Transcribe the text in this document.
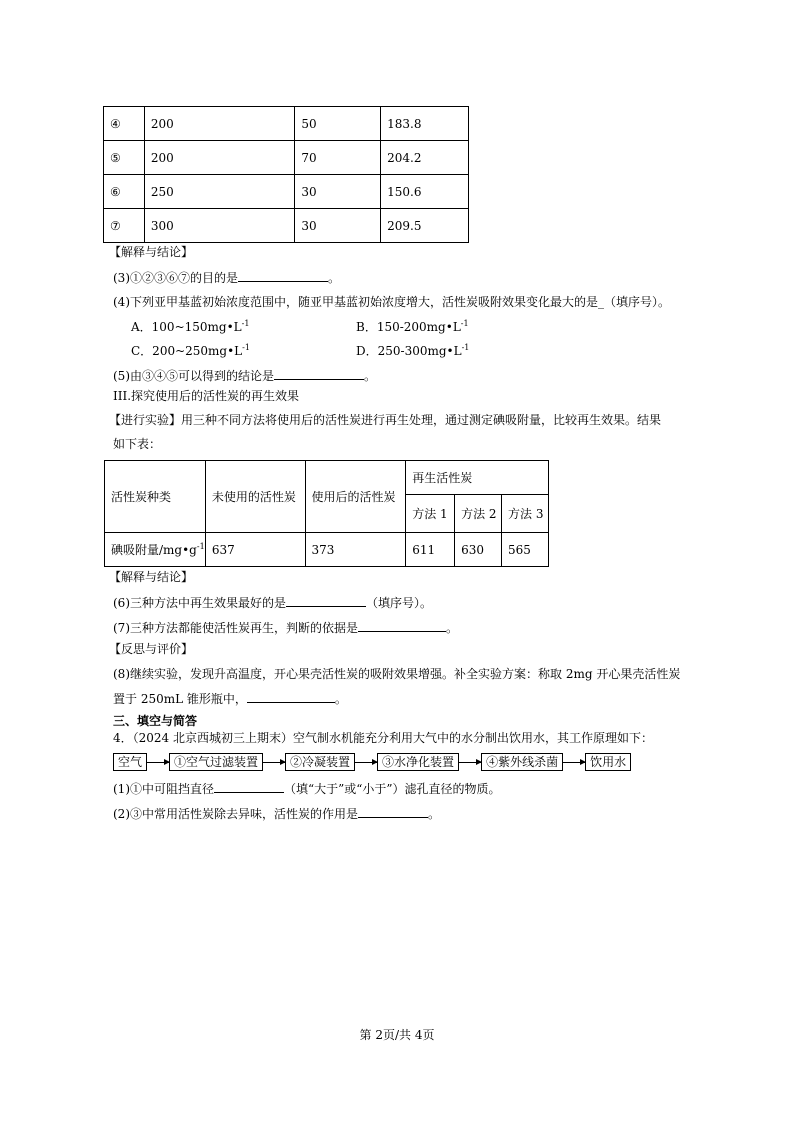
④	200	50	183.8
⑤	200	70	204.2
⑥	250	30	150.6
⑦	300	30	209.5
【解释与结论】
(3)①②③⑥⑦的目的是	。
(4)下列亚甲基蓝初始浓度范围中，随亚甲基蓝初始浓度增大，活性炭吸附效果变化最大的是_（填序号）。
A．$100\sim 150mg•L^{-1}$	B．$150-200mg•L^{-1}$
C．$200\sim 250mg•L^{-1}$	D．$250-300mg•L^{-1}$
(5)由③④⑤可以得到的结论是	。
III.探究使用后的活性炭的再生效果
【进行实验】用三种不同方法将使用后的活性炭进行再生处理，通过测定碘吸附量，比较再生效果。结果
如下表：
活性炭种类	未使用的活性炭	使用后的活性炭	再生活性炭		
			方法 1	方法 2	方法 3
碘吸附量$/mg•g^{-1}$	637	373	611	630	565
【解释与结论】
(6)三种方法中再生效果最好的是	（填序号）。
(7)三种方法都能使活性炭再生，判断的依据是	。
【反思与评价】
(8)继续实验，发现升高温度，开心果壳活性炭的吸附效果增强。补全实验方案：称取 2mg 开心果壳活性炭
置于 250mL 锥形瓶中，	。
三、填空与简答
4．（2024 北京西城初三上期末）空气制水机能充分利用大气中的水分制出饮用水，其工作原理如下：
空气	①空气过滤装置	②冷凝装置	③水净化装置	④紫外线杀菌	饮用水
(1)①中可阻挡直径	（填“大于”或“小于”）滤孔直径的物质。
(2)③中常用活性炭除去异味，活性炭的作用是	。
第 2页/共 4页
